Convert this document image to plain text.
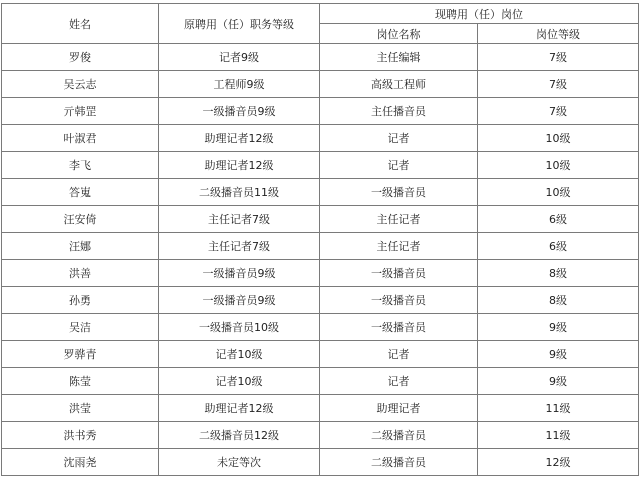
姓名	原聘用（任）职务等级	现聘用（任）岗位	
		岗位名称	岗位等级
罗俊	记者9级	主任编辑	7级
吴云志	工程师9级	高级工程师	7级
亓韩罡	一级播音员9级	主任播音员	7级
叶淑君	助理记者12级	记者	10级
李飞	助理记者12级	记者	10级
答嵬	二级播音员11级	一级播音员	10级
汪安倚	主任记者7级	主任记者	6级
汪娜	主任记者7级	主任记者	6级
洪善	一级播音员9级	一级播音员	8级
孙勇	一级播音员9级	一级播音员	8级
吴洁	一级播音员10级	一级播音员	9级
罗骅青	记者10级	记者	9级
陈莹	记者10级	记者	9级
洪莹	助理记者12级	助理记者	11级
洪书秀	二级播音员12级	二级播音员	11级
沈雨尧	未定等次	二级播音员	12级
